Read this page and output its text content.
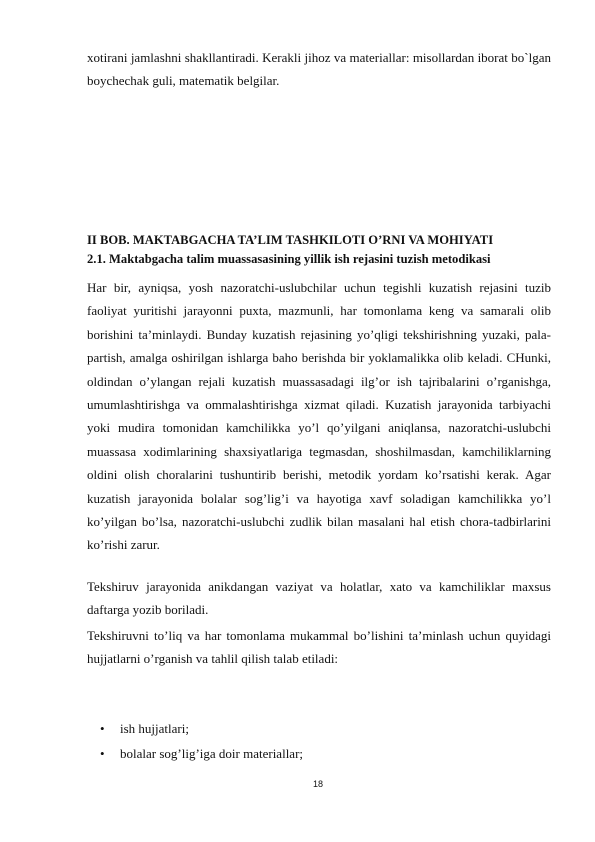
xotirani jamlashni shakllantiradi. Kerakli jihoz va materiallar: misollardan iborat bo`lgan boychechak guli, matematik belgilar.

II BOB. MAKTABGACHA TA’LIM TASHKILOTI O’RNI VA MOHIYATI

2.1. Maktabgacha talim muassasasining yillik ish rejasini tuzish metodikasi

Har bir, ayniqsa, yosh nazoratchi-uslubchilar uchun tegishli kuzatish rejasini tuzib faoliyat yuritishi jarayonni puxta, mazmunli, har tomonlama keng va samarali olib borishini ta’minlaydi. Bunday kuzatish rejasining yo’qligi tekshirishning yuzaki, pala-partish, amalga oshirilgan ishlarga baho berishda bir yoklamalikka olib keladi. CHunki, oldindan o’ylangan rejali kuzatish muassasadagi ilg’or ish tajribalarini o’rganishga, umumlashtirishga va ommalashtirishga xizmat qiladi. Kuzatish jarayonida tarbiyachi yoki mudira tomonidan kamchilikka yo’l qo’yilgani aniqlansa, nazoratchi-uslubchi muassasa xodimlarining shaxsiyatlariga tegmasdan, shoshilmasdan, kamchiliklarning oldini olish choralarini tushuntirib berishi, metodik yordam ko’rsatishi kerak. Agar kuzatish jarayonida bolalar sog’lig’i va hayotiga xavf soladigan kamchilikka yo’l ko’yilgan bo’lsa, nazoratchi-uslubchi zudlik bilan masalani hal etish chora-tadbirlarini ko’rishi zarur.

Tekshiruv jarayonida anikdangan vaziyat va holatlar, xato va kamchiliklar maxsus daftarga yozib boriladi.

Tekshiruvni to’liq va har tomonlama mukammal bo’lishini ta’minlash uchun quyidagi hujjatlarni o’rganish va tahlil qilish talab etiladi:

•	ish hujjatlari;
•	bolalar sog’lig’iga doir materiallar;
18
